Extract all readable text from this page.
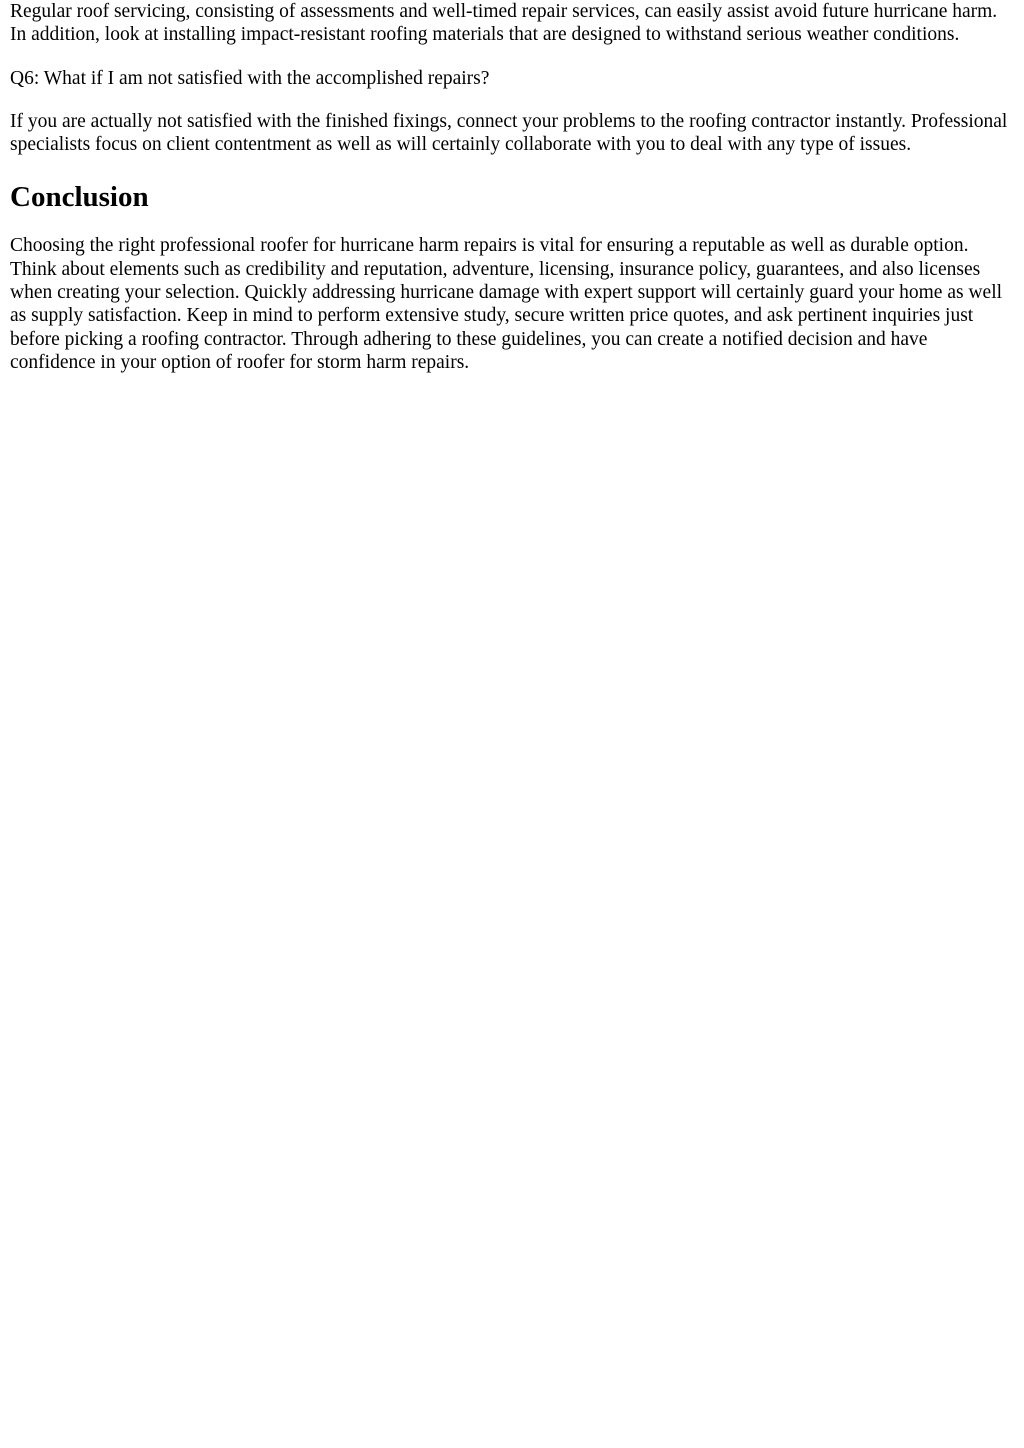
Regular roof servicing, consisting of assessments and well-timed repair services, can easily assist avoid future hurricane harm. In addition, look at installing impact-resistant roofing materials that are designed to withstand serious weather conditions.

Q6: What if I am not satisfied with the accomplished repairs?

If you are actually not satisfied with the finished fixings, connect your problems to the roofing contractor instantly. Professional specialists focus on client contentment as well as will certainly collaborate with you to deal with any type of issues.

Conclusion

Choosing the right professional roofer for hurricane harm repairs is vital for ensuring a reputable as well as durable option. Think about elements such as credibility and reputation, adventure, licensing, insurance policy, guarantees, and also licenses when creating your selection. Quickly addressing hurricane damage with expert support will certainly guard your home as well as supply satisfaction. Keep in mind to perform extensive study, secure written price quotes, and ask pertinent inquiries just before picking a roofing contractor. Through adhering to these guidelines, you can create a notified decision and have confidence in your option of roofer for storm harm repairs.
